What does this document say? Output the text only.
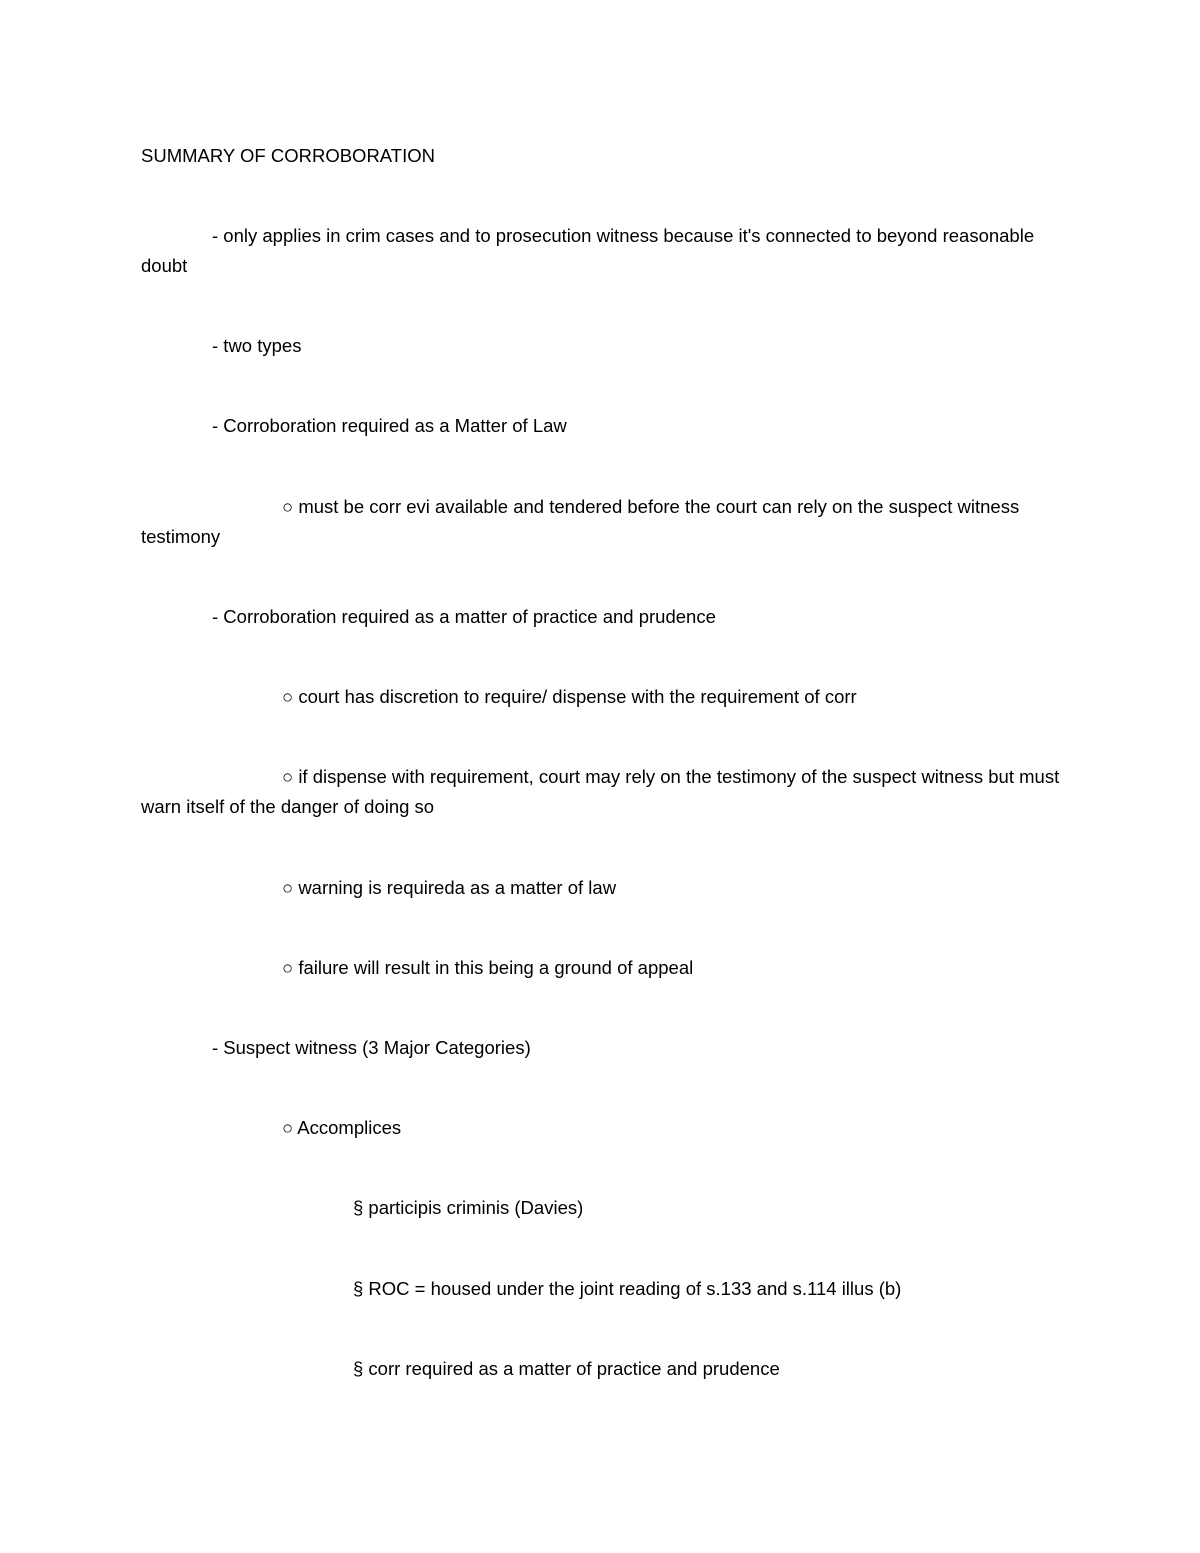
SUMMARY OF CORROBORATION

- only applies in crim cases and to prosecution witness because it's connected to beyond reasonable doubt

- two types

- Corroboration required as a Matter of Law

○ must be corr evi available and tendered before the court can rely on the suspect witness testimony

- Corroboration required as a matter of practice and prudence

○ court has discretion to require/ dispense with the requirement of corr

○ if dispense with requirement, court may rely on the testimony of the suspect witness but must warn itself of the danger of doing so

○ warning is requireda as a matter of law

○ failure will result in this being a ground of appeal

- Suspect witness (3 Major Categories)

○ Accomplices

§ participis criminis (Davies)

§ ROC = housed under the joint reading of s.133 and s.114 illus (b)

§ corr required as a matter of practice and prudence
